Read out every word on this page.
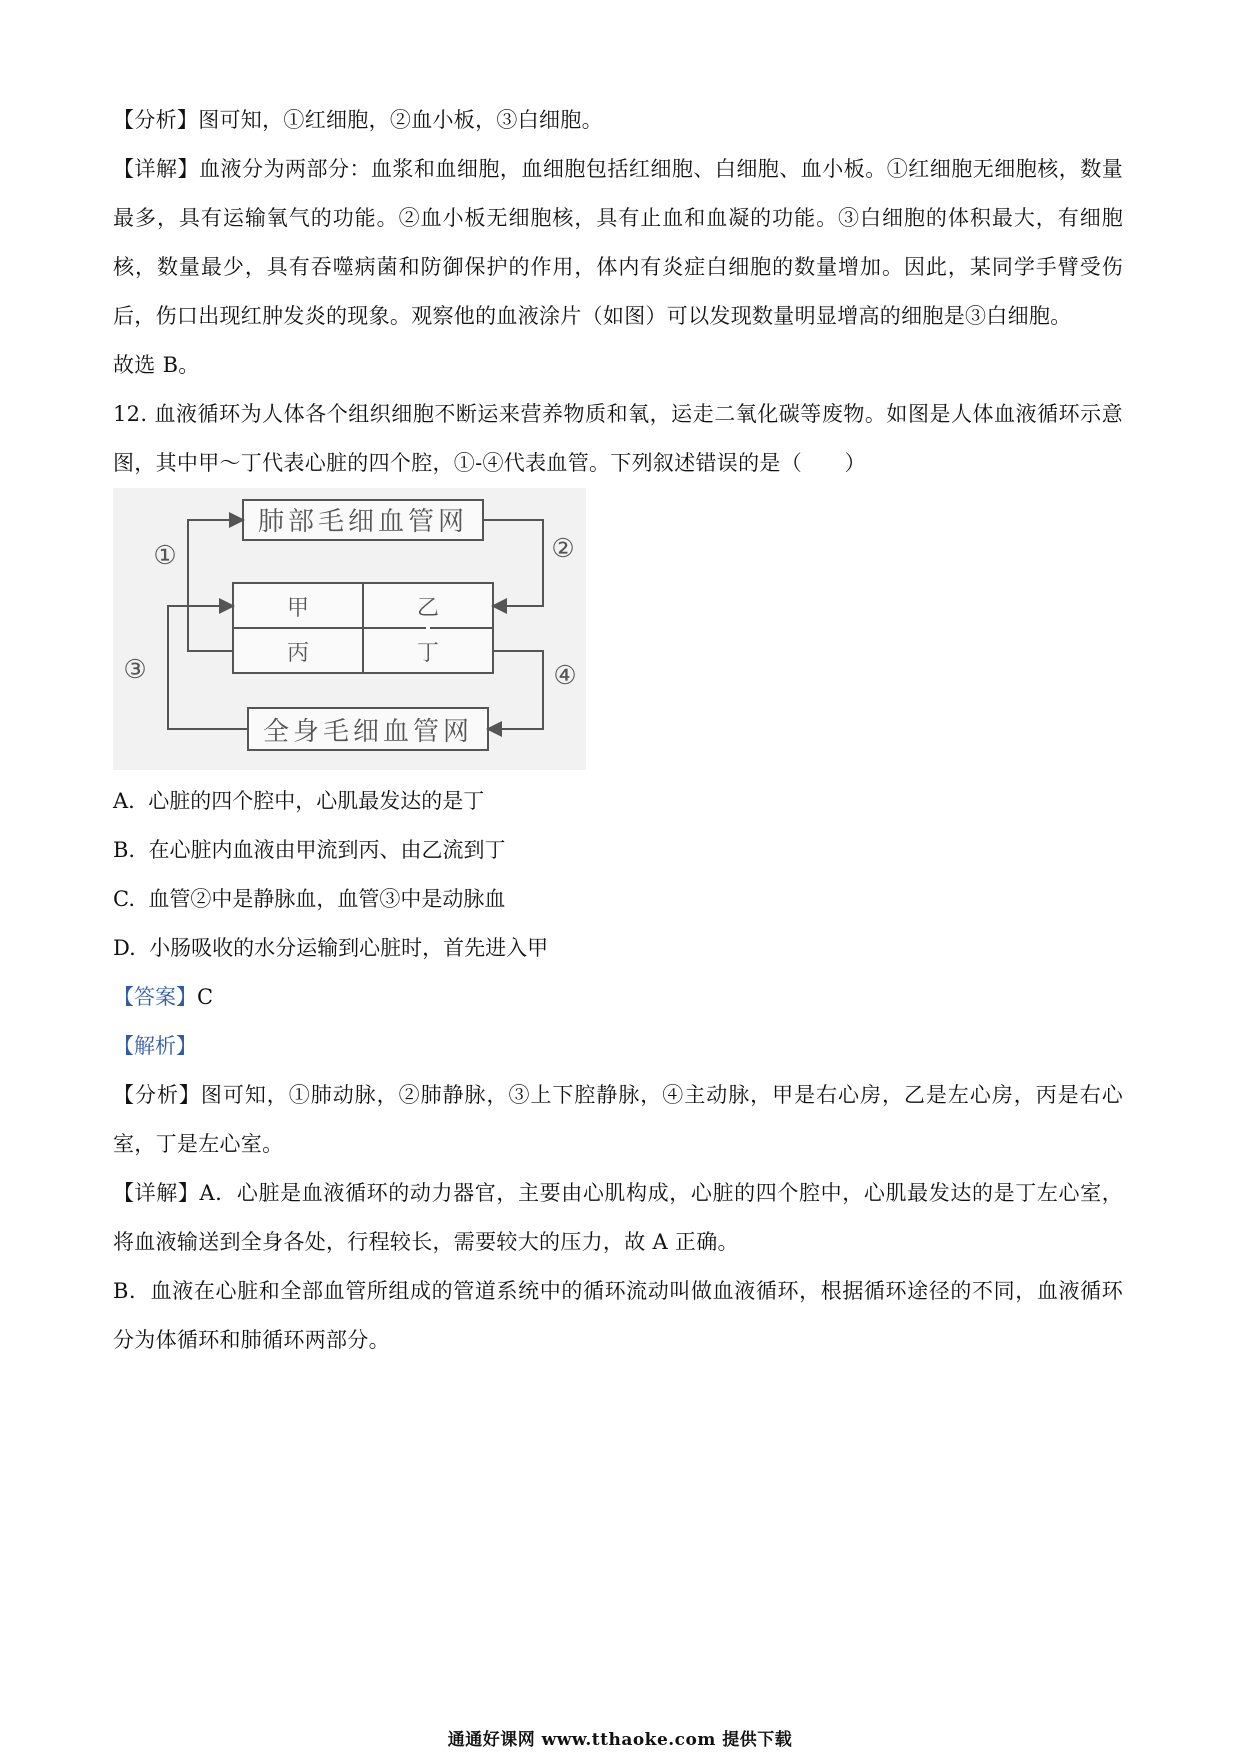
【分析】图可知，①红细胞，②血小板，③白细胞。

【详解】血液分为两部分：血浆和血细胞，血细胞包括红细胞、白细胞、血小板。①红细胞无细胞核，数量最多，具有运输氧气的功能。②血小板无细胞核，具有止血和血凝的功能。③白细胞的体积最大，有细胞核，数量最少，具有吞噬病菌和防御保护的作用，体内有炎症白细胞的数量增加。因此，某同学手臂受伤后，伤口出现红肿发炎的现象。观察他的血液涂片（如图）可以发现数量明显增高的细胞是③白细胞。

故选 B。

12. 血液循环为人体各个组织细胞不断运来营养物质和氧，运走二氧化碳等废物。如图是人体血液循环示意图，其中甲～丁代表心脏的四个腔，①-④代表血管。下列叙述错误的是（　　）

肺部毛细血管网
甲	乙
丙	丁
全身毛细血管网
①	②
③	④

A. 心脏的四个腔中，心肌最发达的是丁

B. 在心脏内血液由甲流到丙、由乙流到丁

C. 血管②中是静脉血，血管③中是动脉血

D. 小肠吸收的水分运输到心脏时，首先进入甲

【答案】C

【解析】

【分析】图可知，①肺动脉，②肺静脉，③上下腔静脉，④主动脉，甲是右心房，乙是左心房，丙是右心室，丁是左心室。

【详解】A．心脏是血液循环的动力器官，主要由心肌构成，心脏的四个腔中，心肌最发达的是丁左心室，将血液输送到全身各处，行程较长，需要较大的压力，故 A 正确。

B．血液在心脏和全部血管所组成的管道系统中的循环流动叫做血液循环，根据循环途径的不同，血液循环分为体循环和肺循环两部分。

通通好课网 www.tthaoke.com 提供下载
